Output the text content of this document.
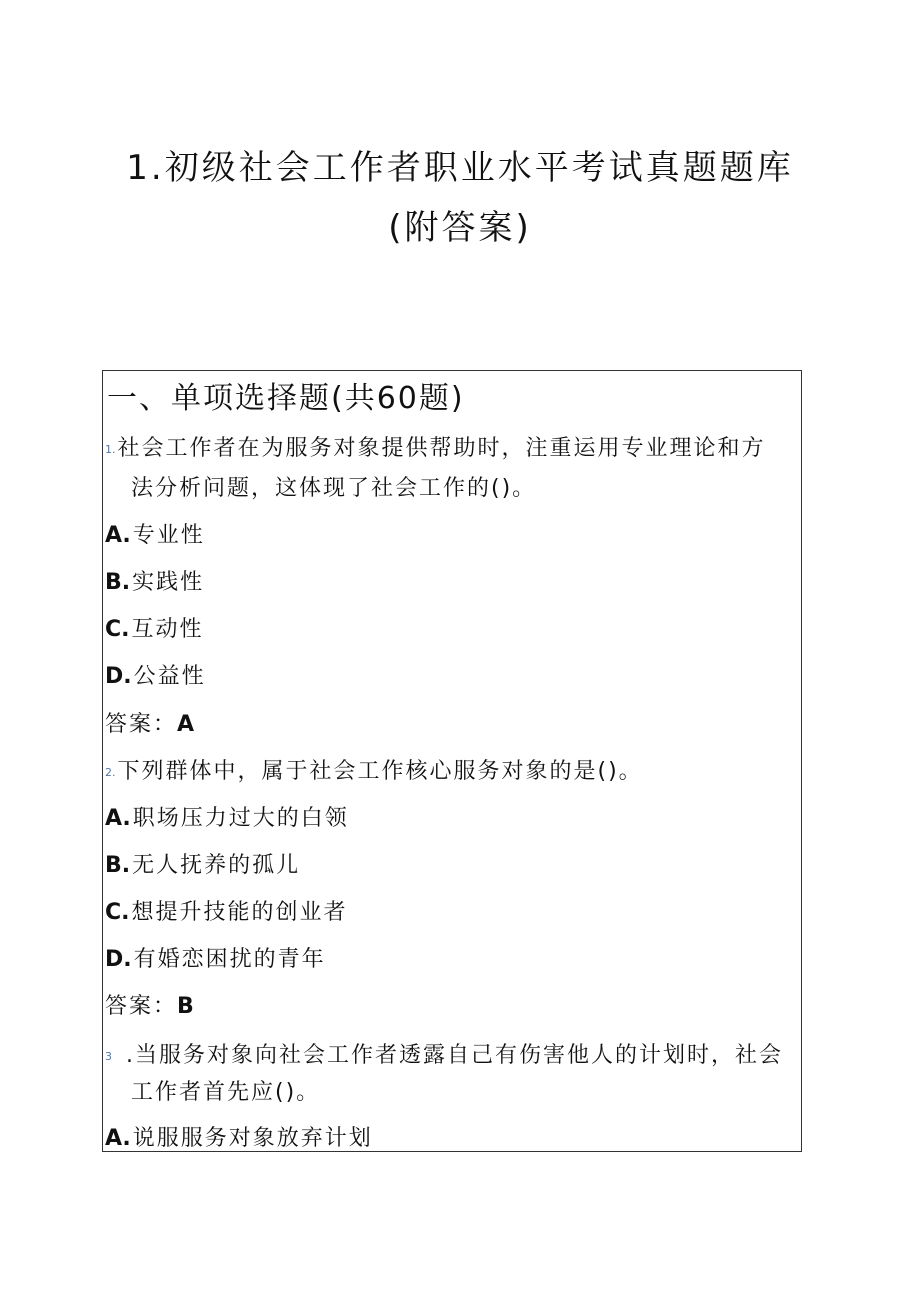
1.初级社会工作者职业水平考试真题题库
(附答案)
一、单项选择题(共60题)
1.社会工作者在为服务对象提供帮助时，注重运用专业理论和方
法分析问题，这体现了社会工作的()。
A.专业性
B.实践性
C.互动性
D.公益性
答案：A
2.下列群体中，属于社会工作核心服务对象的是()。
A.职场压力过大的白领
B.无人抚养的孤儿
C.想提升技能的创业者
D.有婚恋困扰的青年
答案：B
3 .当服务对象向社会工作者透露自己有伤害他人的计划时，社会
工作者首先应()。
A.说服服务对象放弃计划
